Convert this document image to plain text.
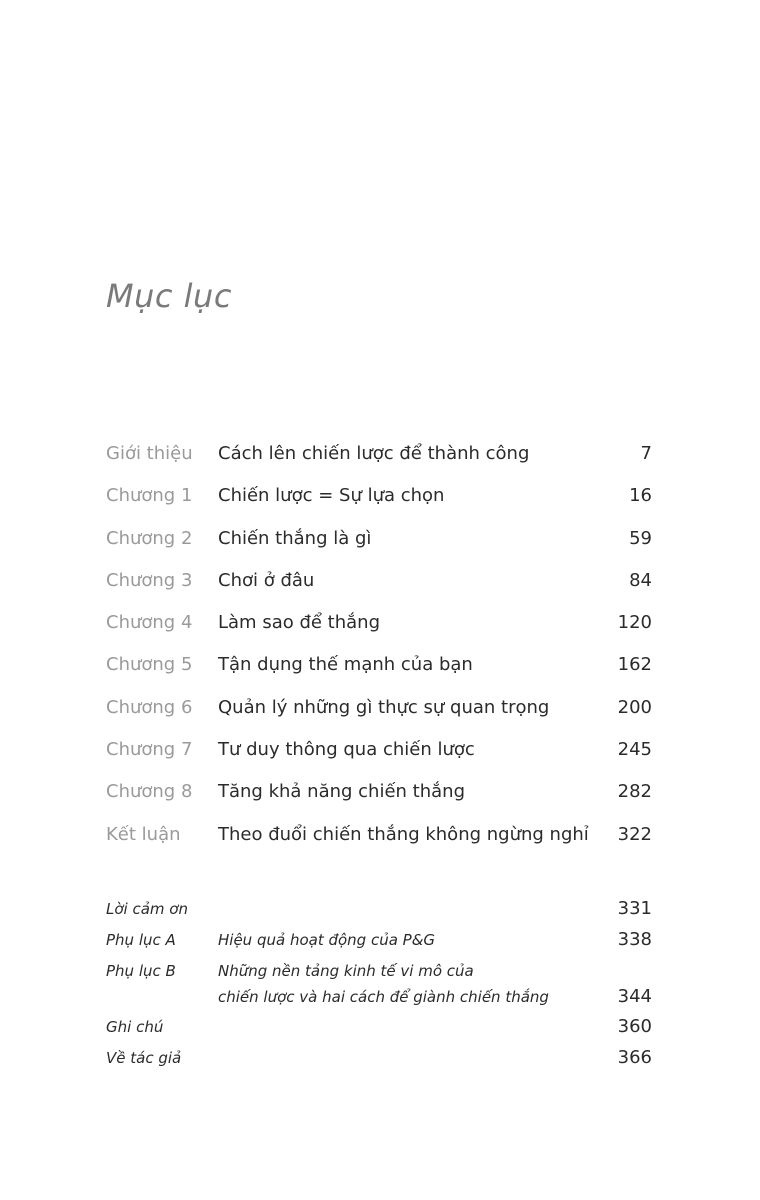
Mục lục
Giới thiệu Cách lên chiến lược để thành công	7
Chương 1 Chiến lược = Sự lựa chọn	16
Chương 2 Chiến thắng là gì	59
Chương 3 Chơi ở đâu	84
Chương 4 Làm sao để thắng	120
Chương 5 Tận dụng thế mạnh của bạn	162
Chương 6 Quản lý những gì thực sự quan trọng	200
Chương 7 Tư duy thông qua chiến lược	245
Chương 8 Tăng khả năng chiến thắng	282
Kết luận Theo đuổi chiến thắng không ngừng nghỉ 322
Lời cảm ơn	331
Phụ lục A	Hiệu quả hoạt động của P&G	338
Phụ lục B	Những nền tảng kinh tế vi mô của
chiến lược và hai cách để giành chiến thắng	344
Ghi chú	360
Về tác giả	366
